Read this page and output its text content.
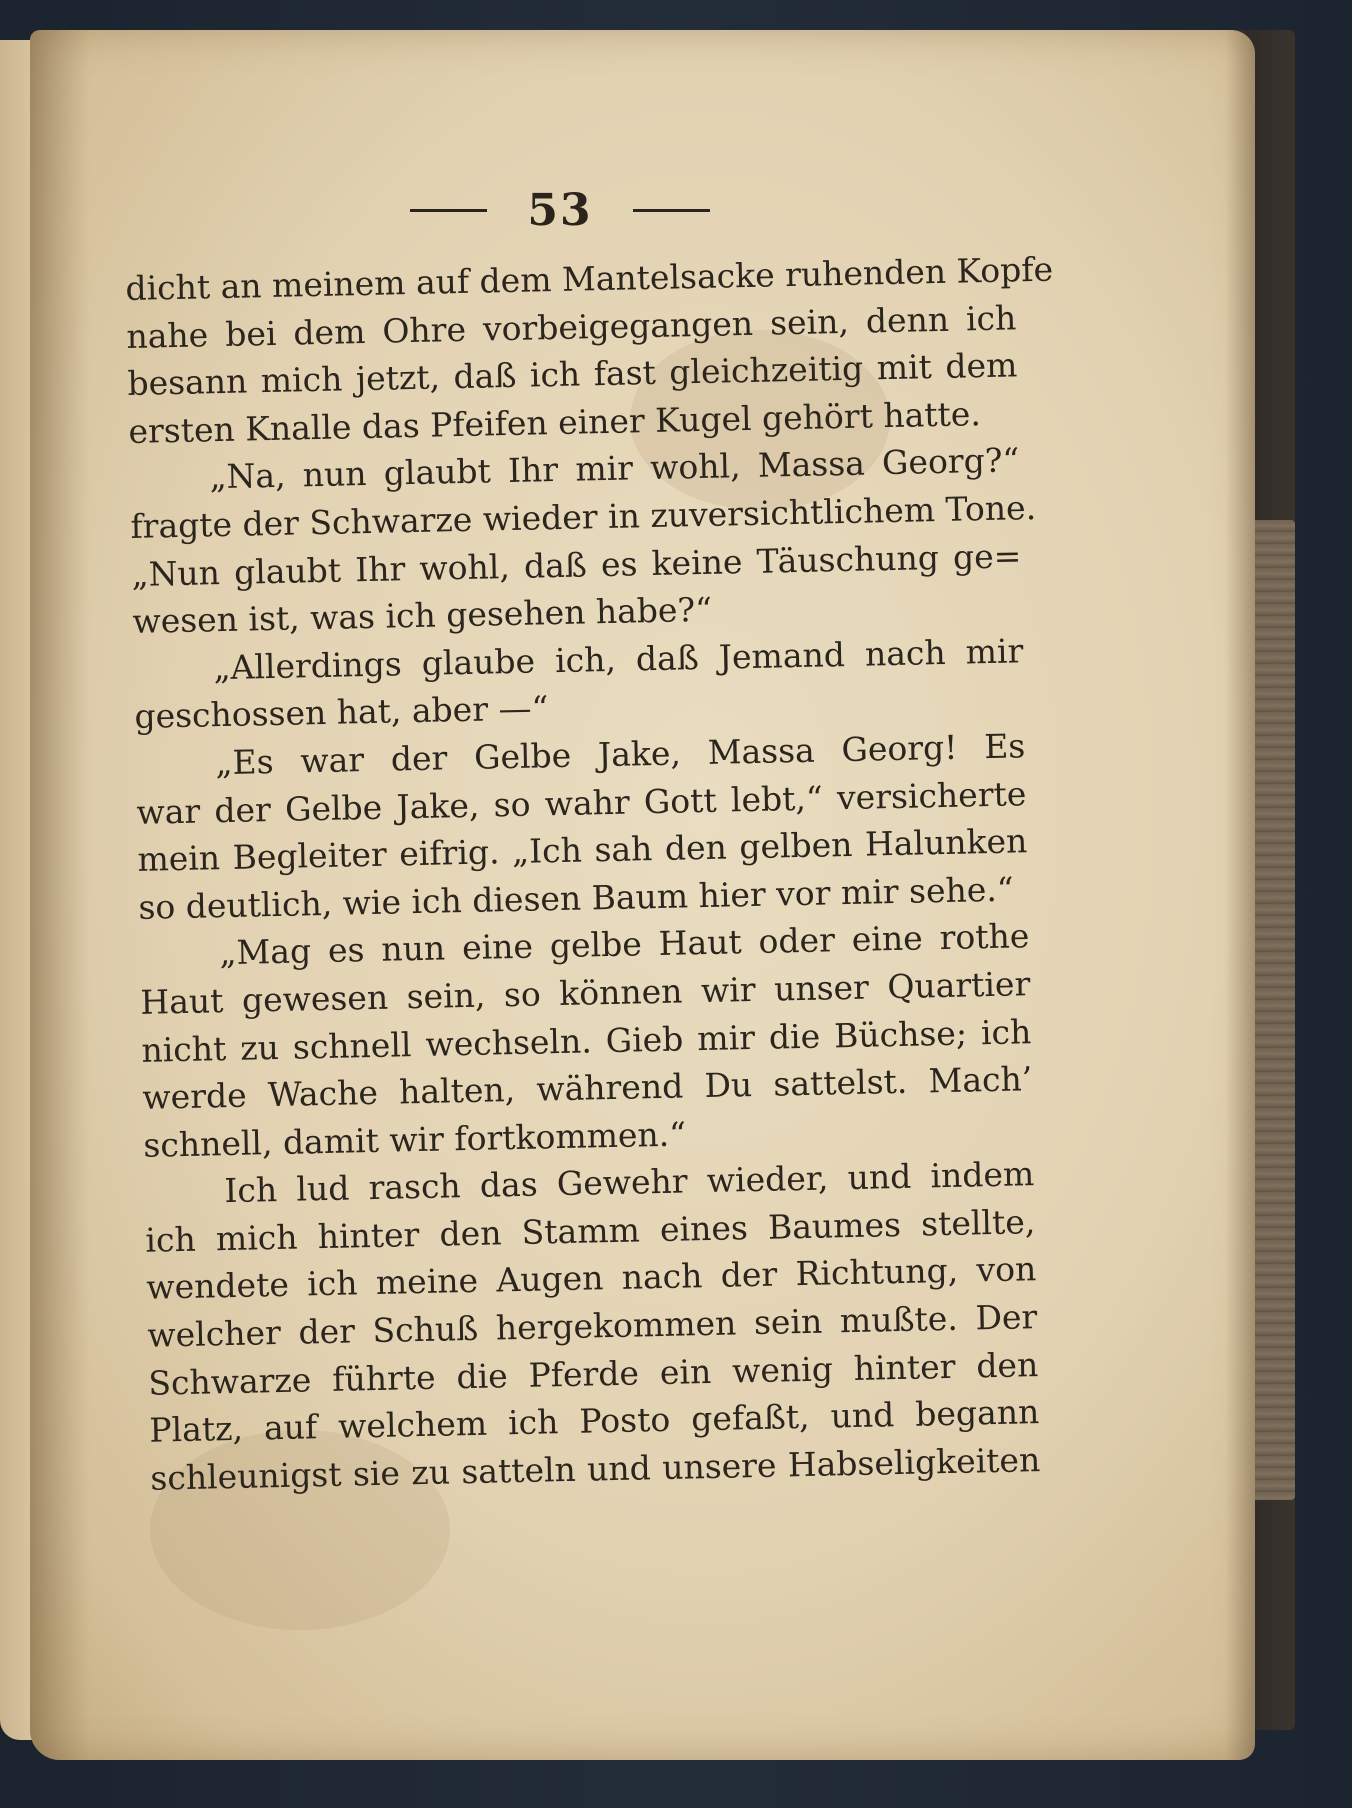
53
dicht an meinem auf dem Mantelsacke ruhenden Kopfe
nahe bei dem Ohre vorbeigegangen sein, denn ich
besann mich jetzt, daß ich fast gleichzeitig mit dem
ersten Knalle das Pfeifen einer Kugel gehört hatte.
„Na, nun glaubt Ihr mir wohl, Massa Georg?“
fragte der Schwarze wieder in zuversichtlichem Tone.
„Nun glaubt Ihr wohl, daß es keine Täuschung ge=
wesen ist, was ich gesehen habe?“
„Allerdings glaube ich, daß Jemand nach mir
geschossen hat, aber —“
„Es war der Gelbe Jake, Massa Georg! Es
war der Gelbe Jake, so wahr Gott lebt,“ versicherte
mein Begleiter eifrig. „Ich sah den gelben Halunken
so deutlich, wie ich diesen Baum hier vor mir sehe.“
„Mag es nun eine gelbe Haut oder eine rothe
Haut gewesen sein, so können wir unser Quartier
nicht zu schnell wechseln. Gieb mir die Büchse; ich
werde Wache halten, während Du sattelst. Mach’
schnell, damit wir fortkommen.“
Ich lud rasch das Gewehr wieder, und indem
ich mich hinter den Stamm eines Baumes stellte,
wendete ich meine Augen nach der Richtung, von
welcher der Schuß hergekommen sein mußte. Der
Schwarze führte die Pferde ein wenig hinter den
Platz, auf welchem ich Posto gefaßt, und begann
schleunigst sie zu satteln und unsere Habseligkeiten
